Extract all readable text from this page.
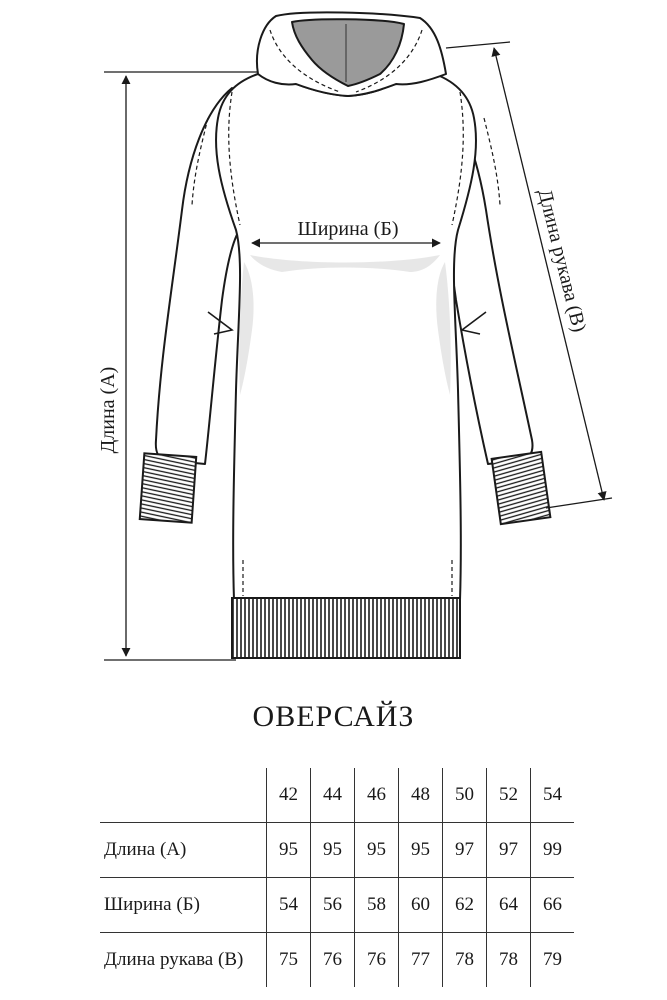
Длина (А)
Ширина (Б)	Длина рукава (В)
ОВЕРСАЙЗ
	42	44	46	48	50	52	54
Длина (А)	95	95	95	95	97	97	99
Ширина (Б)	54	56	58	60	62	64	66
Длина рукава (В)	75	76	76	77	78	78	79
